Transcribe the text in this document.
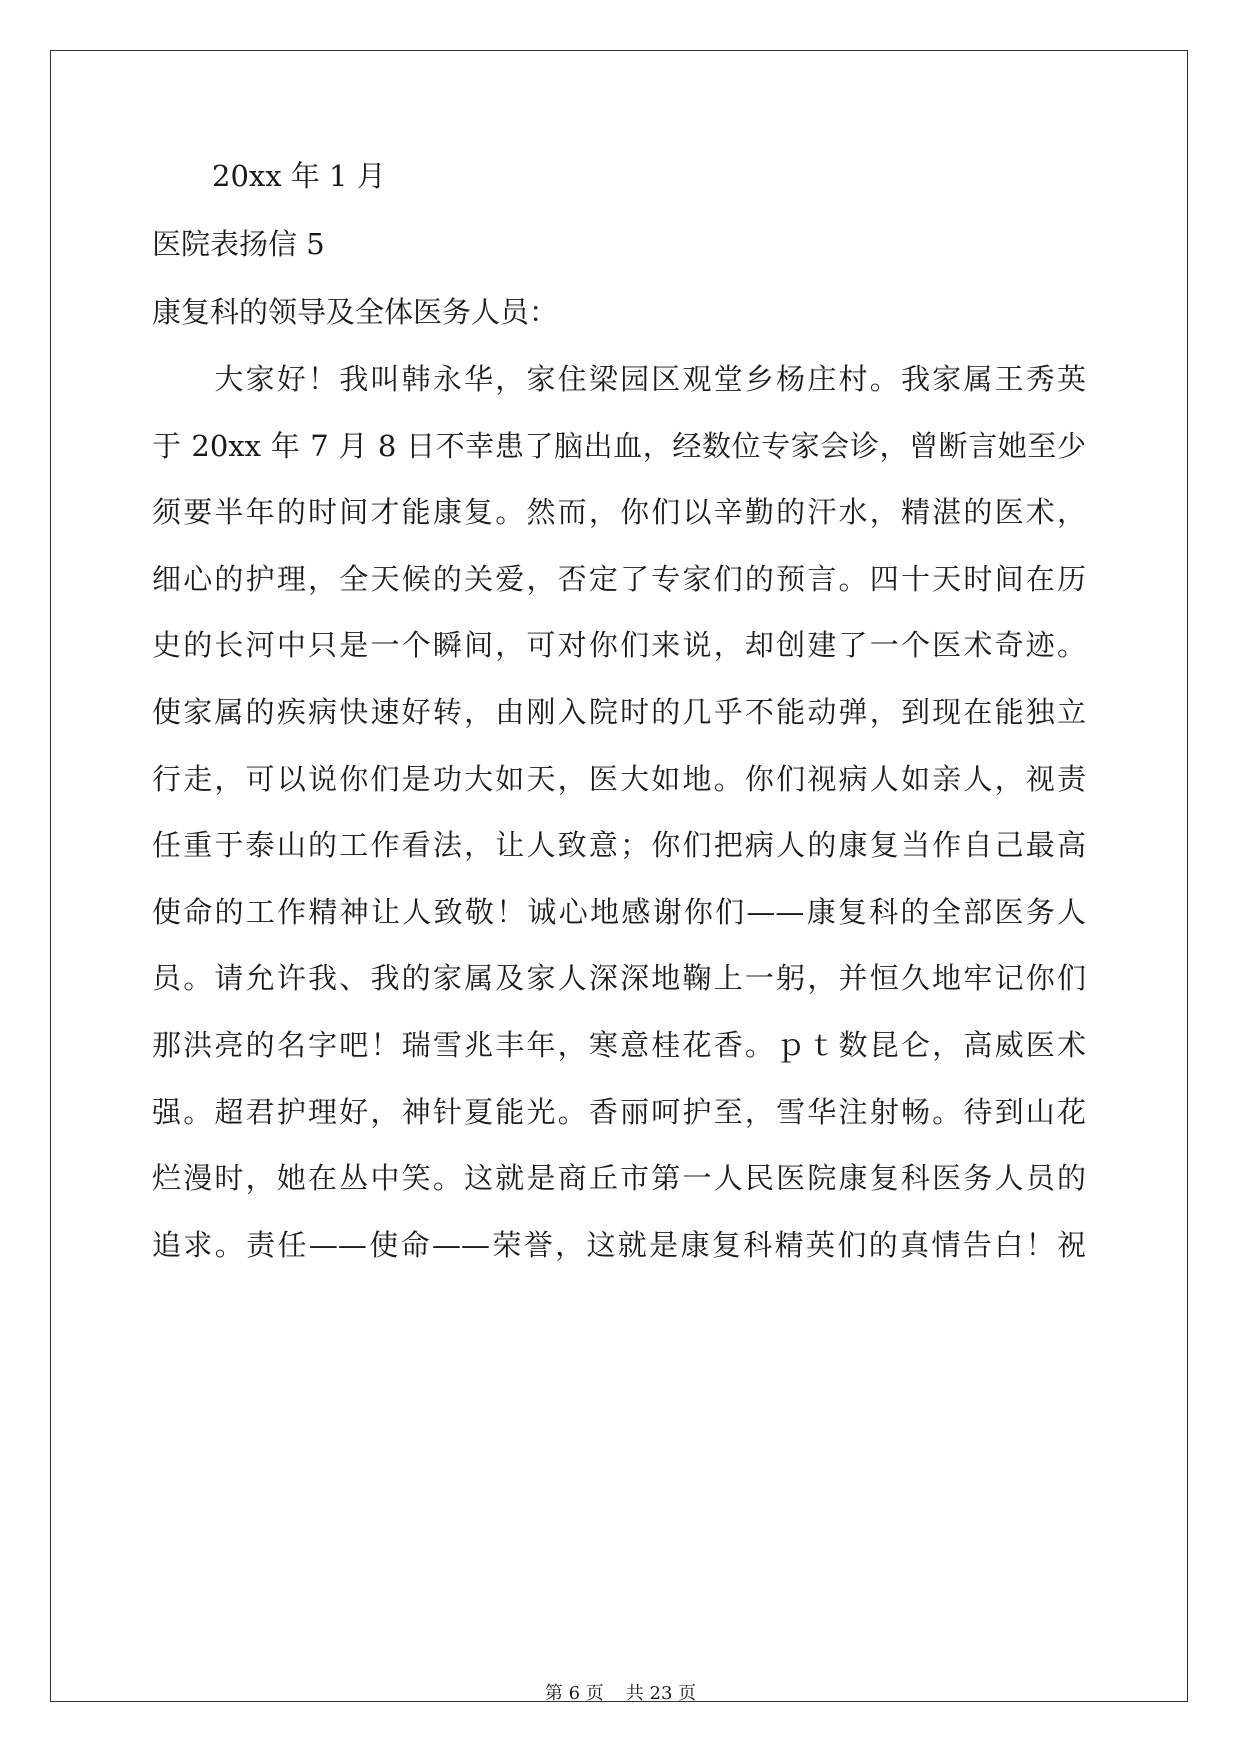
20xx 年 1 月
医院表扬信 5
康复科的领导及全体医务人员：
　　大家好！我叫韩永华，家住梁园区观堂乡杨庄村。我家属王秀英
于 20xx 年 7 月 8 日不幸患了脑出血，经数位专家会诊，曾断言她至少
须要半年的时间才能康复。然而，你们以辛勤的汗水，精湛的医术，
细心的护理，全天候的关爱，否定了专家们的预言。四十天时间在历
史的长河中只是一个瞬间，可对你们来说，却创建了一个医术奇迹。
使家属的疾病快速好转，由刚入院时的几乎不能动弹，到现在能独立
行走，可以说你们是功大如天，医大如地。你们视病人如亲人，视责
任重于泰山的工作看法，让人致意；你们把病人的康复当作自己最高
使命的工作精神让人致敬！诚心地感谢你们——康复科的全部医务人
员。请允许我、我的家属及家人深深地鞠上一躬，并恒久地牢记你们
那洪亮的名字吧！瑞雪兆丰年，寒意桂花香。ｐｔ数昆仑，高威医术
强。超君护理好，神针夏能光。香丽呵护至，雪华注射畅。待到山花
烂漫时，她在丛中笑。这就是商丘市第一人民医院康复科医务人员的
追求。责任——使命——荣誉，这就是康复科精英们的真情告白！祝
第 6 页 共 23 页
